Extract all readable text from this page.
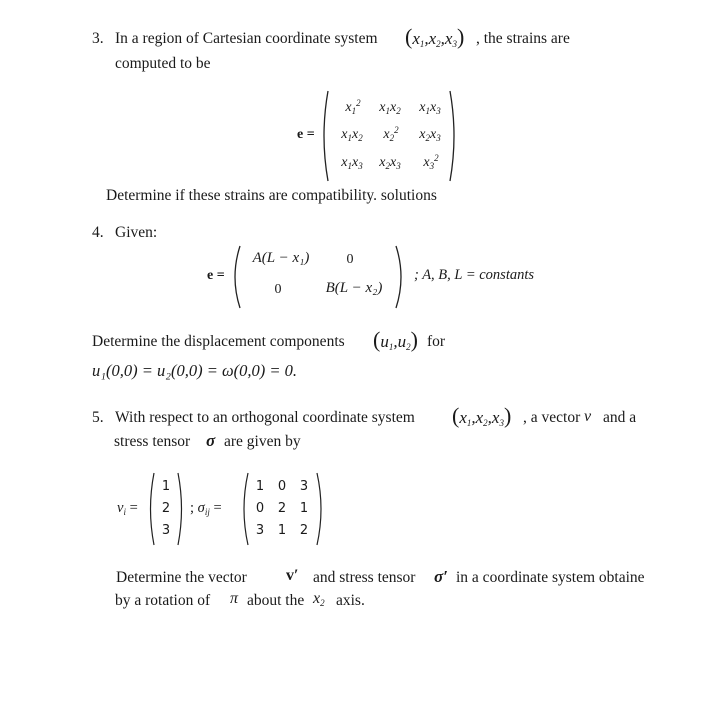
3. In a region of Cartesian coordinate system $(x_1,x_2,x_3)$ , the strains are
computed to be
e =
$x_1^2$	$x_1x_2$	$x_1x_3$
$x_1x_2$	$x_2^2$	$x_2x_3$
$x_1x_3$	$x_2x_3$	$x_3^2$
Determine if these strains are compatibility. solutions
4. Given:
e =
A(L − x₁)	0
0	B(L − x₂)
; A, B, L = constants
Determine the displacement components $(u_1,u_2)$ for
u₁(0,0) = u₂(0,0) = ω(0,0) = 0.
5. With respect to an orthogonal coordinate system $(x_1,x_2,x_3)$ , a vector v and a
stress tensor σ are given by
$v_i$ =
1
2
3
; $\sigma_{ij}$ =
1	0	3
0	2	1
3	1	2
Determine the vector v′ and stress tensor σ′ in a coordinate system obtaine
by a rotation of π about the $x_2$ axis.
